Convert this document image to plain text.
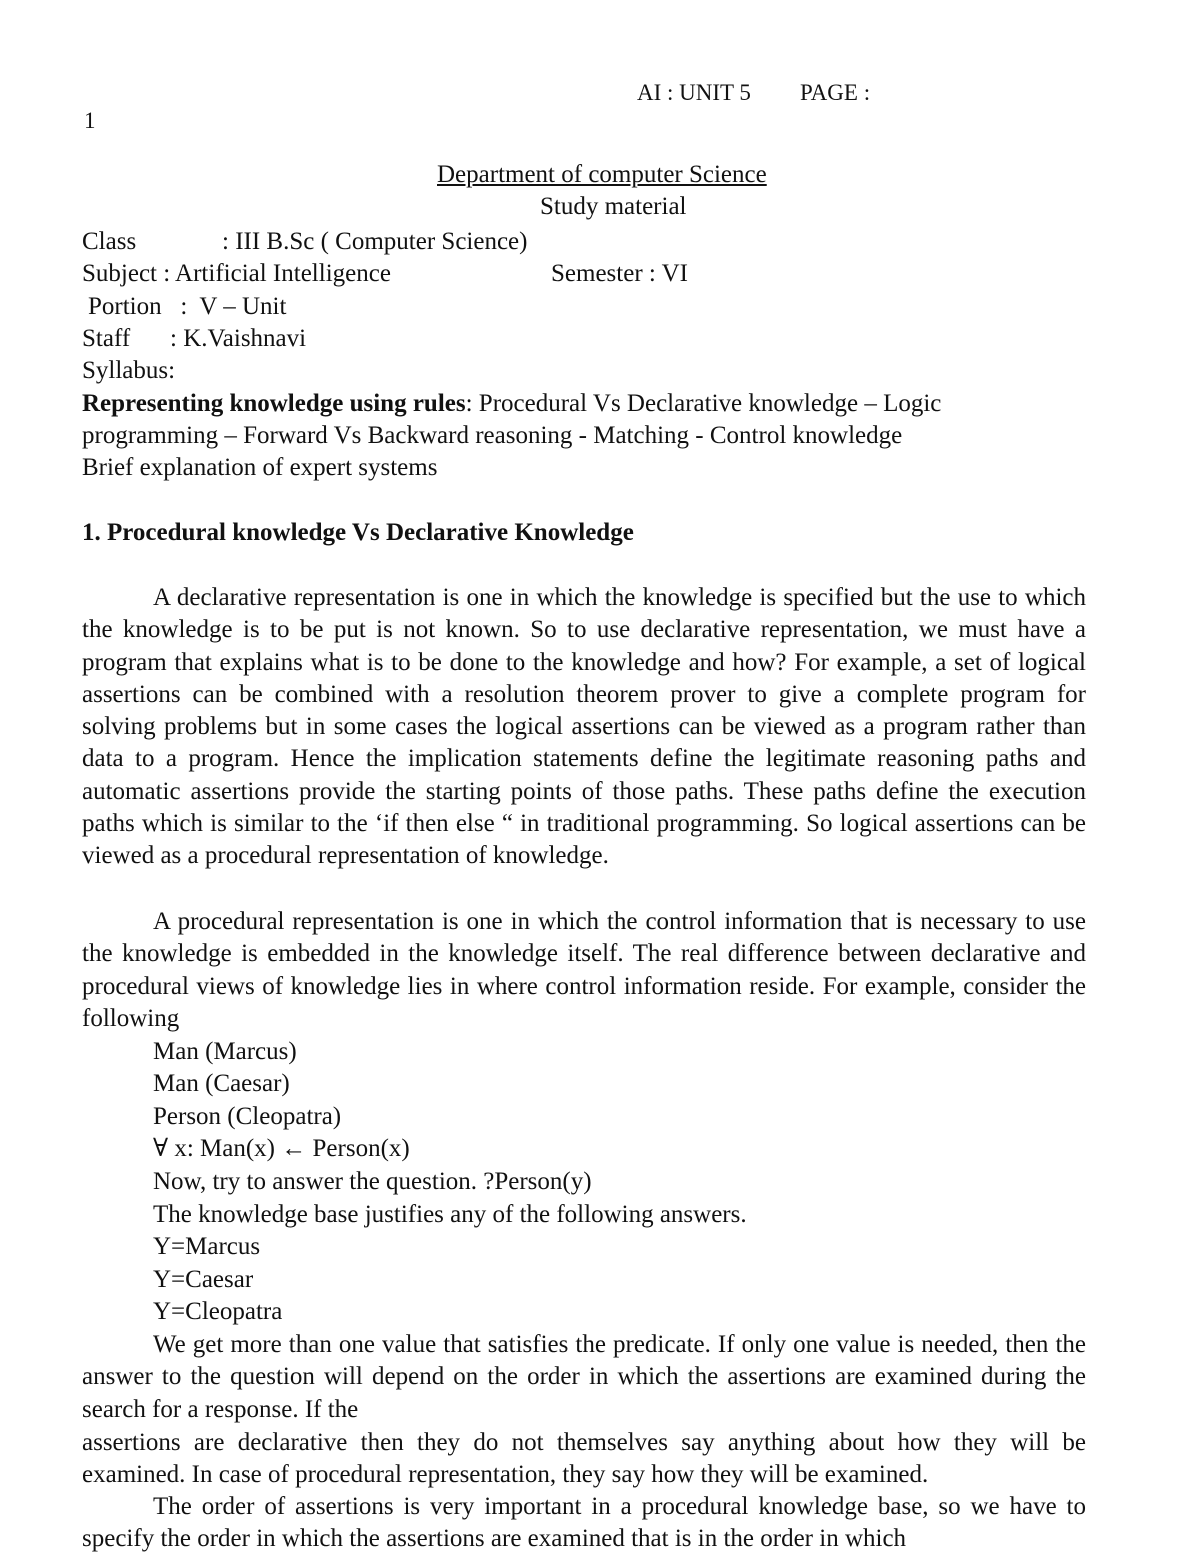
AI : UNIT 5 PAGE :
1
Department of computer Science
Study material
Class	: III B.Sc ( Computer Science)
Subject : Artificial Intelligence	Semester : VI
Portion   :  V – Unit
Staff : K.Vaishnavi
Syllabus:
Representing knowledge using rules: Procedural Vs Declarative knowledge – Logic
programming – Forward Vs Backward reasoning - Matching - Control knowledge
Brief explanation of expert systems
1. Procedural knowledge Vs Declarative Knowledge

A declarative representation is one in which the knowledge is specified but the use to which the knowledge is to be put is not known. So to use declarative representation, we must have a program that explains what is to be done to the knowledge and how? For example, a set of logical assertions can be combined with a resolution theorem prover to give a complete program for solving problems but in some cases the logical assertions can be viewed as a program rather than data to a program. Hence the implication statements define the legitimate reasoning paths and automatic assertions provide the starting points of those paths. These paths define the execution paths which is similar to the ‘if then else “ in traditional programming. So logical assertions can be viewed as a procedural representation of knowledge.

A procedural representation is one in which the control information that is necessary to use the knowledge is embedded in the knowledge itself. The real difference between declarative and procedural views of knowledge lies in where control information reside. For example, consider the following

Man (Marcus)
Man (Caesar)
Person (Cleopatra)
∀ x: Man(x) ← Person(x)
Now, try to answer the question. ?Person(y)
The knowledge base justifies any of the following answers.
Y=Marcus
Y=Caesar
Y=Cleopatra

We get more than one value that satisfies the predicate. If only one value is needed, then the answer to the question will depend on the order in which the assertions are examined during the search for a response. If the

assertions are declarative then they do not themselves say anything about how they will be examined. In case of procedural representation, they say how they will be examined.

The order of assertions is very important in a procedural knowledge base, so we have to specify the order in which the assertions are examined that is in the order in which
